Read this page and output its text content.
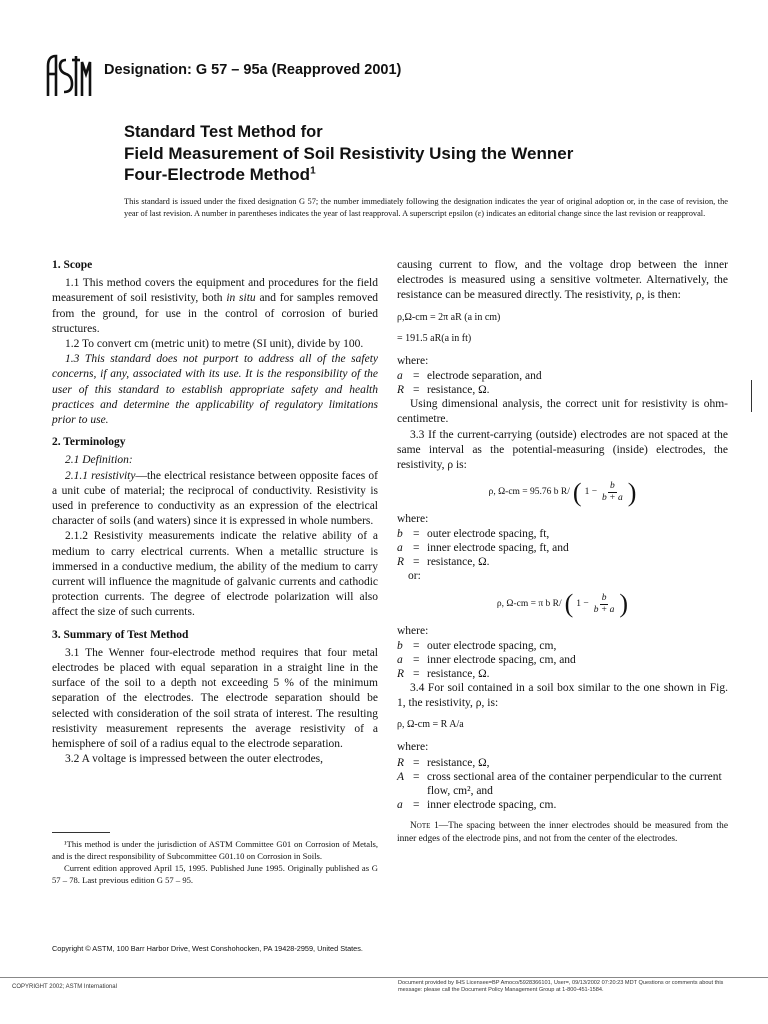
Designation: G 57 – 95a (Reapproved 2001)
Standard Test Method for
Field Measurement of Soil Resistivity Using the Wenner
Four-Electrode Method$^1$
This standard is issued under the fixed designation G 57; the number immediately following the designation indicates the year of original adoption or, in the case of revision, the year of last revision. A number in parentheses indicates the year of last reapproval. A superscript epsilon (ε) indicates an editorial change since the last revision or reapproval.

1. Scope

1.1 This method covers the equipment and procedures for the field measurement of soil resistivity, both in situ and for samples removed from the ground, for use in the control of corrosion of buried structures.

1.2 To convert cm (metric unit) to metre (SI unit), divide by 100.

1.3 This standard does not purport to address all of the safety concerns, if any, associated with its use. It is the responsibility of the user of this standard to establish appropriate safety and health practices and determine the applicability of regulatory limitations prior to use.

2. Terminology

2.1 Definition:

2.1.1 resistivity—the electrical resistance between opposite faces of a unit cube of material; the reciprocal of conductivity. Resistivity is used in preference to conductivity as an expression of the electrical character of soils (and waters) since it is expressed in whole numbers.

2.1.2 Resistivity measurements indicate the relative ability of a medium to carry electrical currents. When a metallic structure is immersed in a conductive medium, the ability of the medium to carry current will influence the magnitude of galvanic currents and cathodic protection currents. The degree of electrode polarization will also affect the size of such currents.

3. Summary of Test Method

3.1 The Wenner four-electrode method requires that four metal electrodes be placed with equal separation in a straight line in the surface of the soil to a depth not exceeding 5 % of the minimum separation of the electrodes. The electrode separation should be selected with consideration of the soil strata of interest. The resulting resistivity measurement represents the average resistivity of a hemisphere of soil of a radius equal to the electrode separation.

3.2 A voltage is impressed between the outer electrodes,

causing current to flow, and the voltage drop between the inner electrodes is measured using a sensitive voltmeter. Alternatively, the resistance can be measured directly. The resistivity, ρ, is then:

ρ,Ω-cm = 2π aR (a in cm)

= 191.5 aR(a in ft)

where:

a = electrode separation, and
R = resistance, Ω.

Using dimensional analysis, the correct unit for resistivity is ohm-centimetre.

3.3 If the current-carrying (outside) electrodes are not spaced at the same interval as the potential-measuring (inside) electrodes, the resistivity, ρ is:

ρ, Ω-cm = 95.76 b R/ ( $1 - \frac{b}{b + a}$ )

where:

b = outer electrode spacing, ft,
a = inner electrode spacing, ft, and
R = resistance, Ω.

or:

ρ, Ω-cm = π b R/ ( $1 - \frac{b}{b + a}$ )

where:

b = outer electrode spacing, cm,
a = inner electrode spacing, cm, and
R = resistance, Ω.

3.4 For soil contained in a soil box similar to the one shown in Fig. 1, the resistivity, ρ, is:

ρ, Ω-cm = R A/a

where:

R = resistance, Ω,
A = cross sectional area of the container perpendicular to the current flow, cm², and
a = inner electrode spacing, cm.

Note 1—The spacing between the inner electrodes should be measured from the inner edges of the electrode pins, and not from the center of the electrodes.

¹This method is under the jurisdiction of ASTM Committee G01 on Corrosion of Metals, and is the direct responsibility of Subcommittee G01.10 on Corrosion in Soils.

Current edition approved April 15, 1995. Published June 1995. Originally published as G 57 – 78. Last previous edition G 57 – 95.

Copyright © ASTM, 100 Barr Harbor Drive, West Conshohocken, PA 19428-2959, United States.
COPYRIGHT 2002; ASTM International
Document provided by IHS Licensee=BP Amoco/5928366101, User=, 09/13/2002 07:20:23 MDT Questions or comments about this message: please call the Document Policy Management Group at 1-800-451-1584.
